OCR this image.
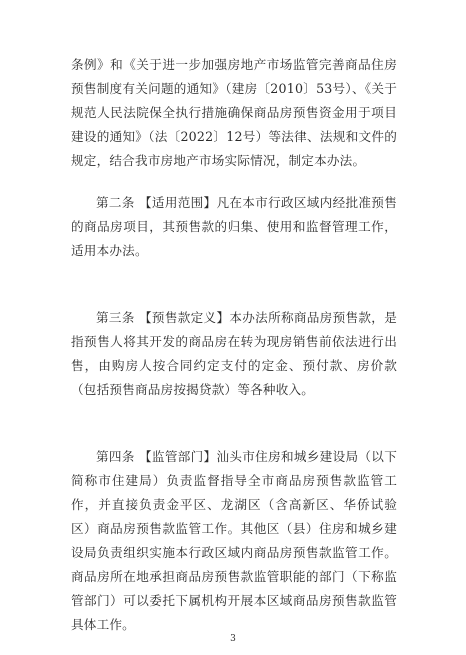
条例》和《关于进一步加强房地产市场监管完善商品住房预售制度有关问题的通知》（建房〔2010〕53号）、《关于规范人民法院保全执行措施确保商品房预售资金用于项目建设的通知》（法〔2022〕12号）等法律、法规和文件的规定，结合我市房地产市场实际情况，制定本办法。

第二条 【适用范围】凡在本市行政区域内经批准预售的商品房项目，其预售款的归集、使用和监督管理工作，适用本办法。

第三条 【预售款定义】本办法所称商品房预售款，是指预售人将其开发的商品房在转为现房销售前依法进行出售，由购房人按合同约定支付的定金、预付款、房价款（包括预售商品房按揭贷款）等各种收入。

第四条 【监管部门】汕头市住房和城乡建设局（以下简称市住建局）负责监督指导全市商品房预售款监管工作，并直接负责金平区、龙湖区（含高新区、华侨试验区）商品房预售款监管工作。其他区（县）住房和城乡建设局负责组织实施本行政区域内商品房预售款监管工作。商品房所在地承担商品房预售款监管职能的部门（下称监管部门）可以委托下属机构开展本区域商品房预售款监管具体工作。

3
